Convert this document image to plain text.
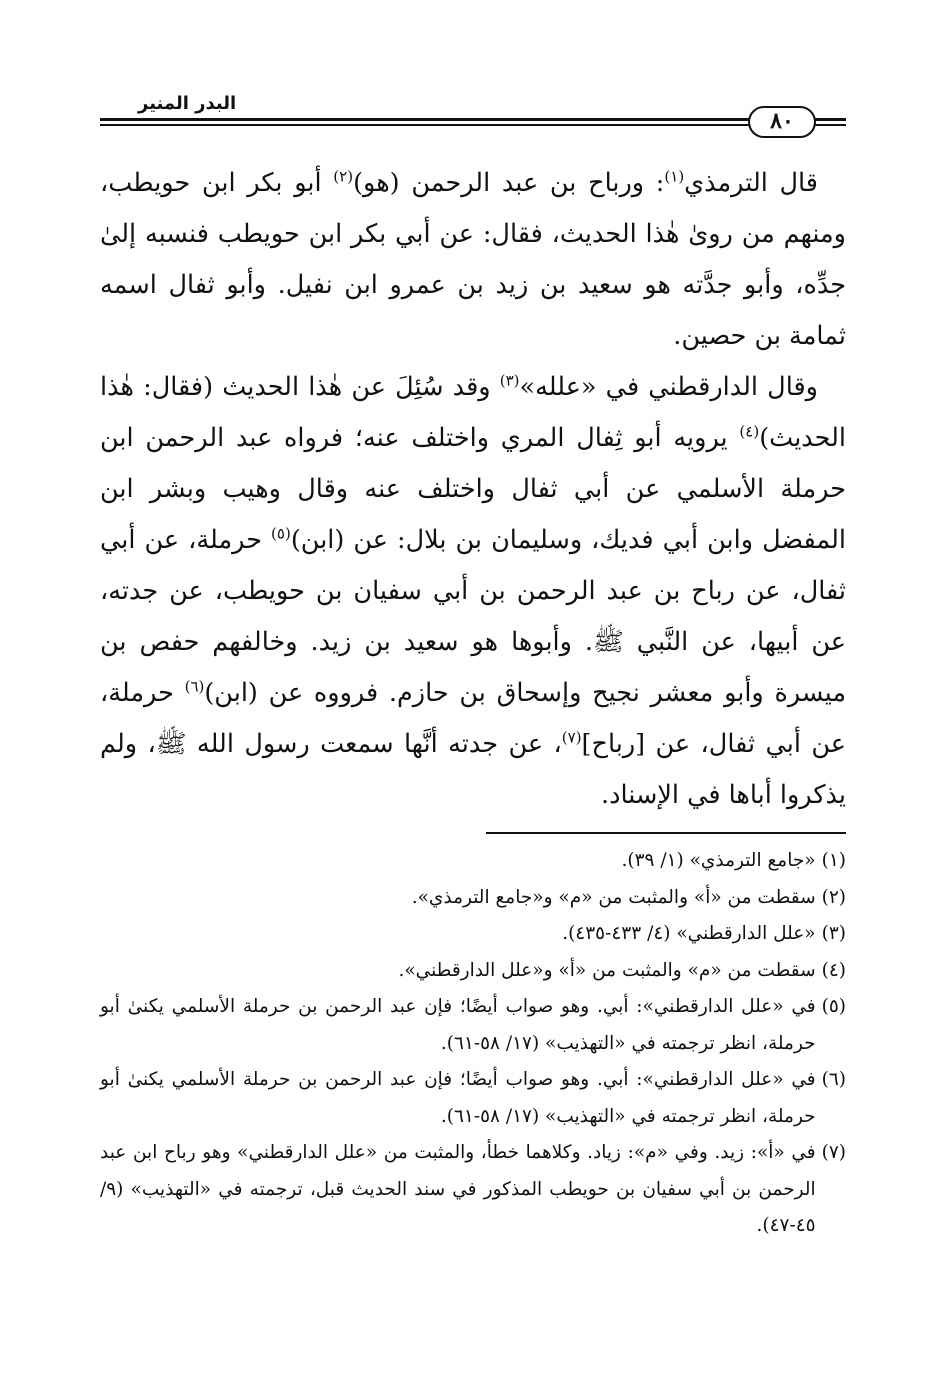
البدر المنير
٨٠

قال الترمذي$^{(١)}$: ورباح بن عبد الرحمن (هو)$^{(٢)}$ أبو بكر ابن حويطب، ومنهم من روىٰ هٰذا الحديث، فقال: عن أبي بكر ابن حويطب فنسبه إلىٰ جدِّه، وأبو جدَّته هو سعيد بن زيد بن عمرو ابن نفيل. وأبو ثفال اسمه ثمامة بن حصين.

وقال الدارقطني في «علله»$^{(٣)}$ وقد سُئِلَ عن هٰذا الحديث (فقال: هٰذا الحديث)$^{(٤)}$ يرويه أبو ثِفال المري واختلف عنه؛ فرواه عبد الرحمن ابن حرملة الأسلمي عن أبي ثفال واختلف عنه وقال وهيب وبشر ابن المفضل وابن أبي فديك، وسليمان بن بلال: عن (ابن)$^{(٥)}$ حرملة، عن أبي ثفال، عن رباح بن عبد الرحمن بن أبي سفيان بن حويطب، عن جدته، عن أبيها، عن النَّبي ﷺ. وأبوها هو سعيد بن زيد. وخالفهم حفص بن ميسرة وأبو معشر نجيح وإسحاق بن حازم. فرووه عن (ابن)$^{(٦)}$ حرملة، عن أبي ثفال، عن [رباح]$^{(٧)}$، عن جدته أنَّها سمعت رسول الله ﷺ، ولم يذكروا أباها في الإسناد.

(١)
«جامع الترمذي» (١/ ٣٩).
(٢)
سقطت من «أ» والمثبت من «م» و«جامع الترمذي».
(٣)
«علل الدارقطني» (٤/ ٤٣٣-٤٣٥).
(٤)
سقطت من «م» والمثبت من «أ» و«علل الدارقطني».
(٥)
في «علل الدارقطني»: أبي. وهو صواب أيضًا؛ فإن عبد الرحمن بن حرملة الأسلمي يكنىٰ أبو حرملة، انظر ترجمته في «التهذيب» (١٧/ ٥٨-٦١).
(٦)
في «علل الدارقطني»: أبي. وهو صواب أيضًا؛ فإن عبد الرحمن بن حرملة الأسلمي يكنىٰ أبو حرملة، انظر ترجمته في «التهذيب» (١٧/ ٥٨-٦١).
(٧)
في «أ»: زيد. وفي «م»: زياد. وكلاهما خطأ، والمثبت من «علل الدارقطني» وهو رباح ابن عبد الرحمن بن أبي سفيان بن حويطب المذكور في سند الحديث قبل، ترجمته في «التهذيب» (٩/ ٤٥-٤٧).
